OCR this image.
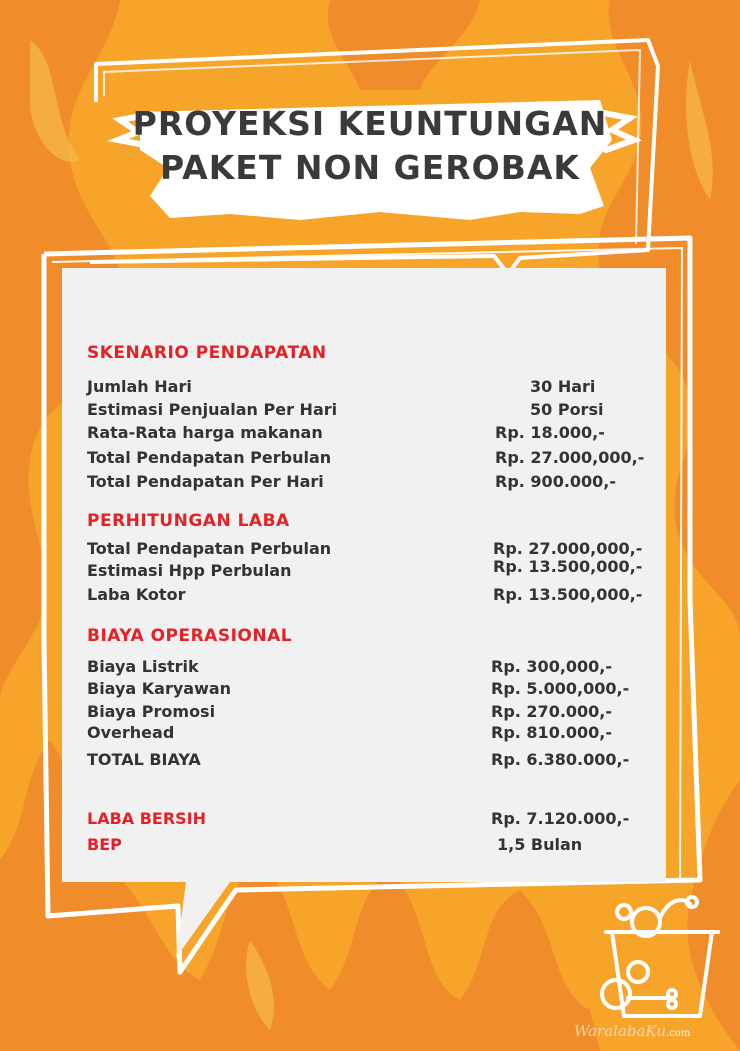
PROYEKSI KEUNTUNGAN
PAKET NON GEROBAK
SKENARIO PENDAPATAN
Jumlah Hari	30 Hari
Estimasi Penjualan Per Hari	50 Porsi
Rata-Rata harga makanan	Rp. 18.000,-
Total Pendapatan Perbulan	Rp. 27.000,000,-
Total Pendapatan Per Hari	Rp. 900.000,-
PERHITUNGAN LABA
Total Pendapatan Perbulan	Rp. 27.000,000,-
Estimasi Hpp Perbulan	Rp. 13.500,000,-
Laba Kotor	Rp. 13.500,000,-
BIAYA OPERASIONAL
Biaya Listrik	Rp. 300,000,-
Biaya Karyawan	Rp. 5.000,000,-
Biaya Promosi	Rp. 270.000,-
Overhead	Rp. 810.000,-
TOTAL BIAYA	Rp. 6.380.000,-
LABA BERSIH	Rp. 7.120.000,-
BEP	1,5 Bulan
WaralabaKu.com
